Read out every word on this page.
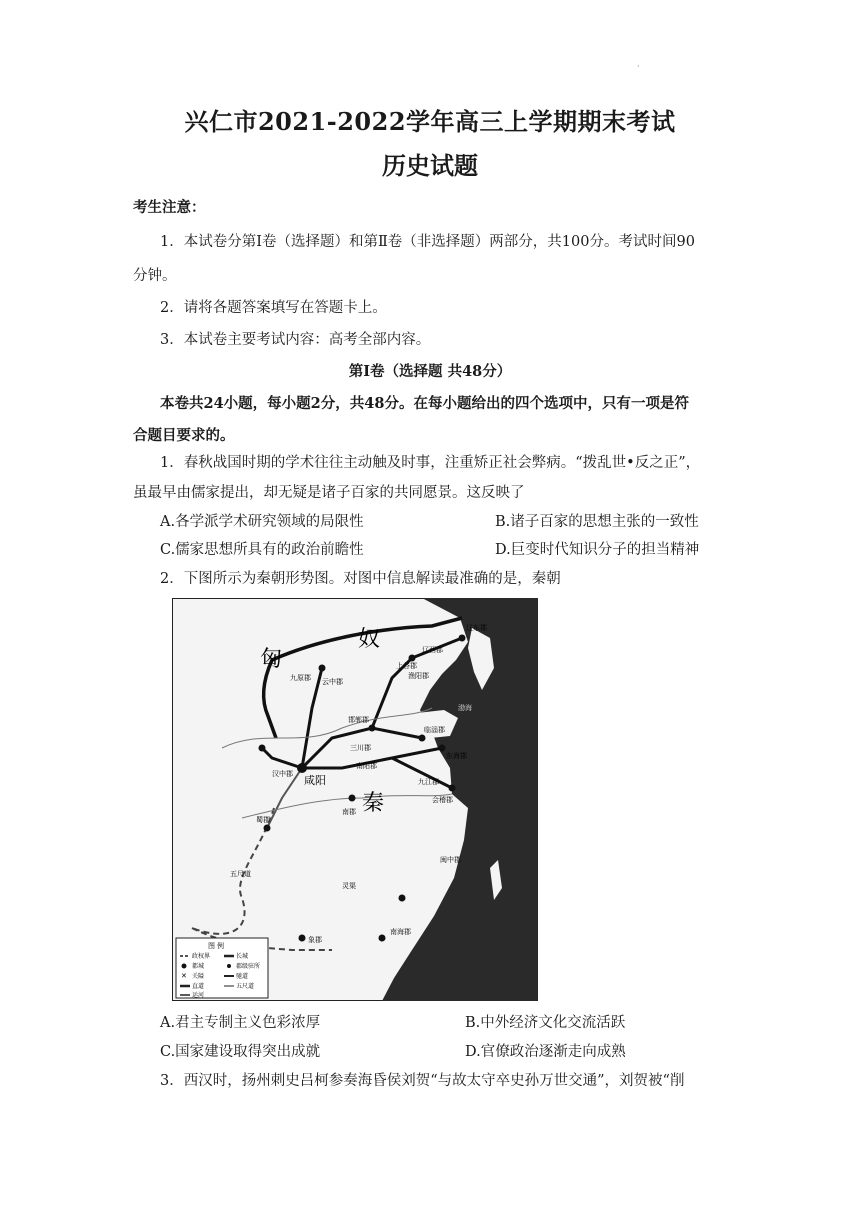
·
兴仁市2021-2022学年高三上学期期末考试
历史试题
考生注意：
1．本试卷分第Ⅰ卷（选择题）和第Ⅱ卷（非选择题）两部分，共100分。考试时间90
分钟。
2．请将各题答案填写在答题卡上。
3．本试卷主要考试内容：高考全部内容。
第Ⅰ卷（选择题 共48分）
本卷共24小题，每小题2分，共48分。在每小题给出的四个选项中，只有一项是符
合题目要求的。
1．春秋战国时期的学术往往主动触及时事，注重矫正社会弊病。“拨乱世•反之正”，
虽最早由儒家提出，却无疑是诸子百家的共同愿景。这反映了
A.各学派学术研究领域的局限性	B.诸子百家的思想主张的一致性
C.儒家思想所具有的政治前瞻性	D.巨变时代知识分子的担当精神
2．下图所示为秦朝形势图。对图中信息解读最准确的是，秦朝
匈
奴
秦
咸阳
辽西郡
辽东郡
上谷郡
渔阳郡
九原郡
云中郡
邯郸郡
临淄郡
东海郡
三川郡
南阳郡
汉中郡
蜀郡
南郡
九江郡
会稽郡
闽中郡
南海郡
象郡
灵渠
五尺道
渤海
图 例
政权界	长城
都城	郡级驻所
✕ 关隘	驰道
直道	五尺道
运河
A.君主专制主义色彩浓厚	B.中外经济文化交流活跃
C.国家建设取得突出成就	D.官僚政治逐渐走向成熟
3．西汉时，扬州刺史吕柯参奏海昏侯刘贺“与故太守卒史孙万世交通”，刘贺被“削
